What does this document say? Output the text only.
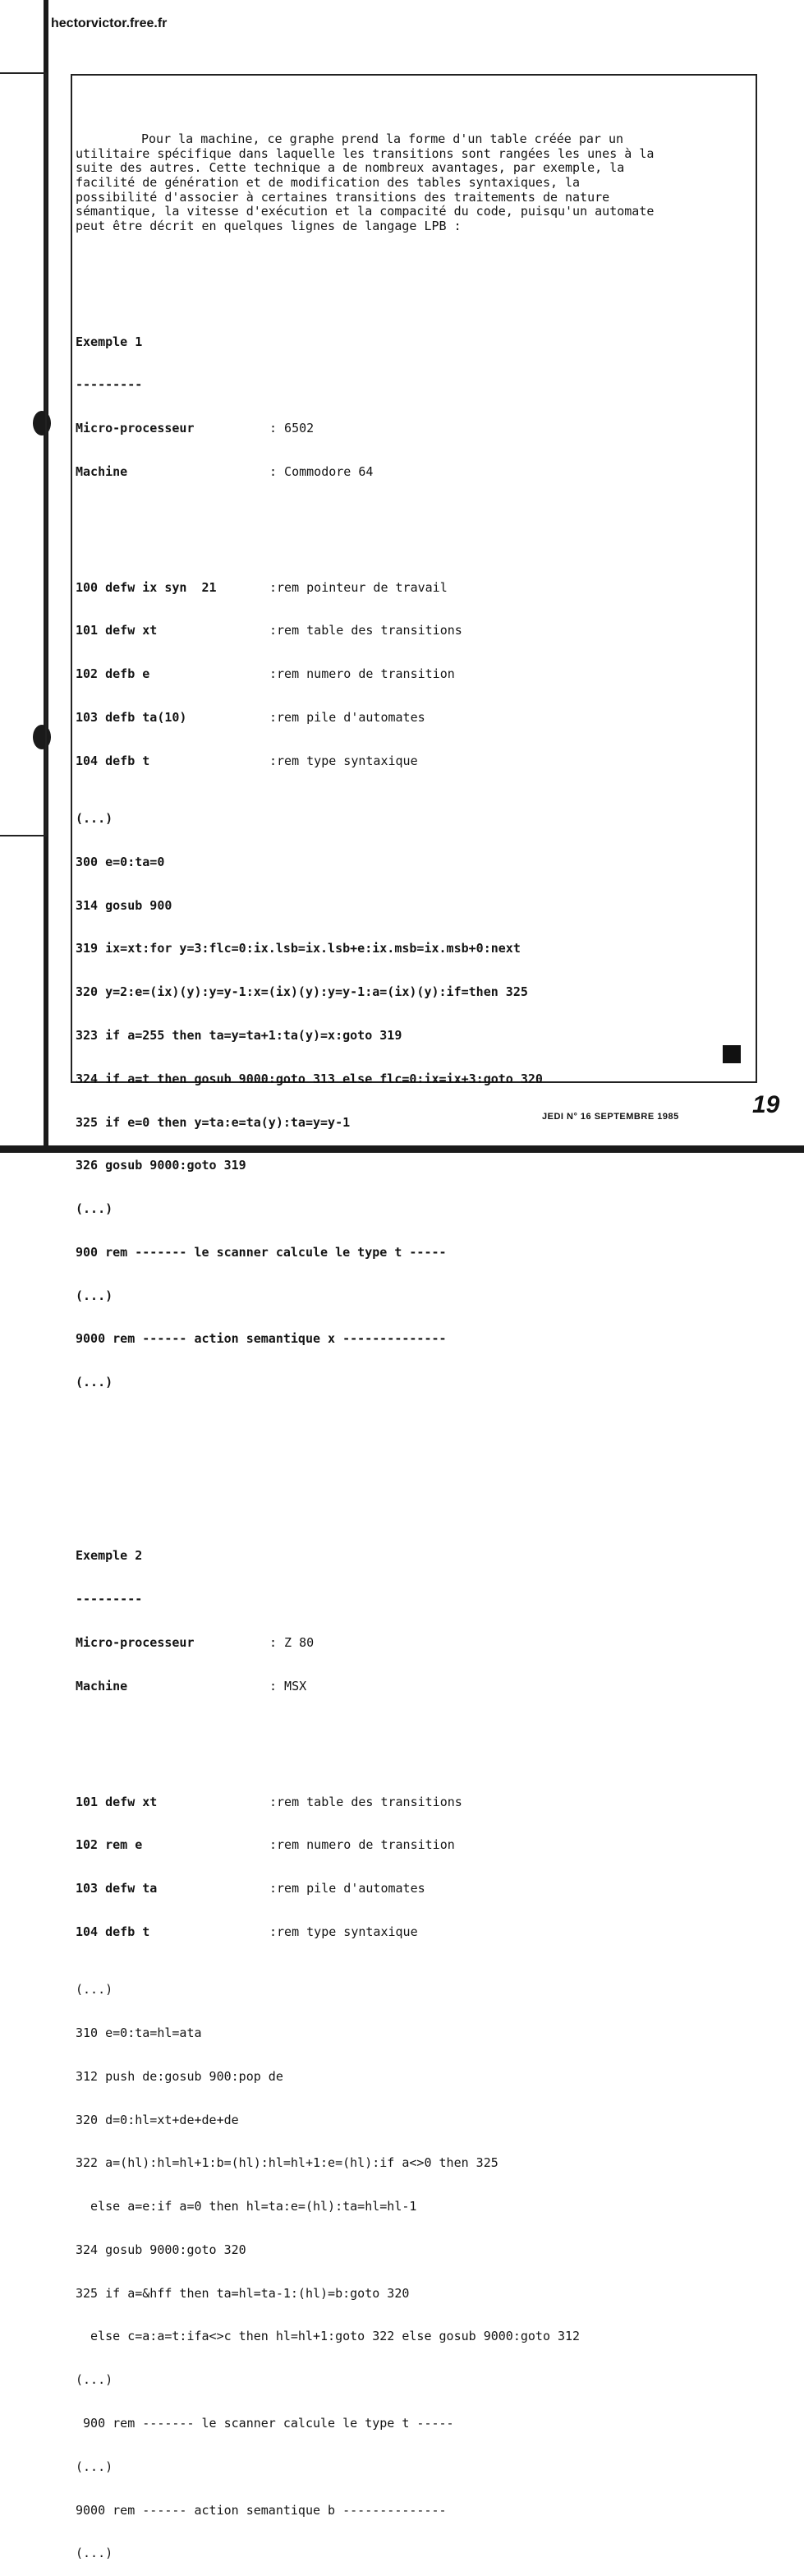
hectorvictor.free.fr

Pour la machine, ce graphe prend la forme d'un table créée par un
utilitaire spécifique dans laquelle les transitions sont rangées les unes à la
suite des autres. Cette technique a de nombreux avantages, par exemple, la
facilité de génération et de modification des tables syntaxiques, la
possibilité d'associer à certaines transitions des traitements de nature
sémantique, la vitesse d'exécution et la compacité du code, puisqu'un automate
peut être décrit en quelques lignes de langage LPB :

Exemple 1

---------

Micro-processeur	: 6502

Machine	: Commodore 64

100 defw ix syn  21	:rem pointeur de travail

101 defw xt	:rem table des transitions

102 defb e	:rem numero de transition

103 defb ta(10)	:rem pile d'automates

104 defb t	:rem type syntaxique

(...)

300 e=0:ta=0

314 gosub 900

319 ix=xt:for y=3:flc=0:ix.lsb=ix.lsb+e:ix.msb=ix.msb+0:next

320 y=2:e=(ix)(y):y=y-1:x=(ix)(y):y=y-1:a=(ix)(y):if=then 325

323 if a=255 then ta=y=ta+1:ta(y)=x:goto 319

324 if a=t then gosub 9000:goto 313 else flc=0:ix=ix+3:goto 320

325 if e=0 then y=ta:e=ta(y):ta=y=y-1

326 gosub 9000:goto 319

(...)

900 rem ------- le scanner calcule le type t -----

(...)

9000 rem ------ action semantique x --------------

(...)

Exemple 2

---------

Micro-processeur	: Z 80

Machine	: MSX

101 defw xt	:rem table des transitions

102 rem e	:rem numero de transition

103 defw ta	:rem pile d'automates

104 defb t	:rem type syntaxique

(...)

310 e=0:ta=hl=ata

312 push de:gosub 900:pop de

320 d=0:hl=xt+de+de+de

322 a=(hl):hl=hl+1:b=(hl):hl=hl+1:e=(hl):if a<>0 then 325

else a=e:if a=0 then hl=ta:e=(hl):ta=hl=hl-1

324 gosub 9000:goto 320

325 if a=&hff then ta=hl=ta-1:(hl)=b:goto 320

else c=a:a=t:ifa<>c then hl=hl+1:goto 322 else gosub 9000:goto 312

(...)

900 rem ------- le scanner calcule le type t -----

(...)

9000 rem ------ action semantique b --------------

(...)

JEDI N° 16 SEPTEMBRE 1985	19
